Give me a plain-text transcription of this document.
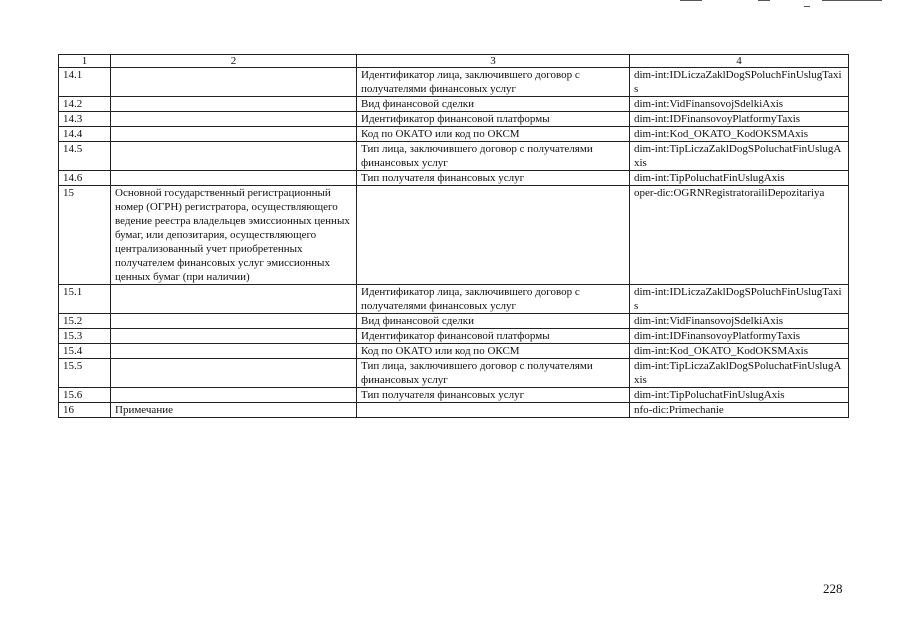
1	2	3	4
14.1		Идентификатор лица, заключившего договор с получателями финансовых услуг	dim-int:IDLiczaZaklDogSPoluchFinUslugTaxis
14.2		Вид финансовой сделки	dim-int:VidFinansovojSdelkiAxis
14.3		Идентификатор финансовой платформы	dim-int:IDFinansovoyPlatformyTaxis
14.4		Код по ОКАТО или код по ОКСМ	dim-int:Kod_OKATO_KodOKSMAxis
14.5		Тип лица, заключившего договор с получателями финансовых услуг	dim-int:TipLiczaZaklDogSPoluchatFinUslugAxis
14.6		Тип получателя финансовых услуг	dim-int:TipPoluchatFinUslugAxis
15	Основной государственный регистрационный номер (ОГРН) регистратора, осуществляющего ведение реестра владельцев эмиссионных ценных бумаг, или депозитария, осуществляющего централизованный учет приобретенных получателем финансовых услуг эмиссионных ценных бумаг (при наличии)		oper-dic:OGRNRegistratorailiDepozitariya
15.1		Идентификатор лица, заключившего договор с получателями финансовых услуг	dim-int:IDLiczaZaklDogSPoluchFinUslugTaxis
15.2		Вид финансовой сделки	dim-int:VidFinansovojSdelkiAxis
15.3		Идентификатор финансовой платформы	dim-int:IDFinansovoyPlatformyTaxis
15.4		Код по ОКАТО или код по ОКСМ	dim-int:Kod_OKATO_KodOKSMAxis
15.5		Тип лица, заключившего договор с получателями финансовых услуг	dim-int:TipLiczaZaklDogSPoluchatFinUslugAxis
15.6		Тип получателя финансовых услуг	dim-int:TipPoluchatFinUslugAxis
16	Примечание		nfo-dic:Primechanie
228
